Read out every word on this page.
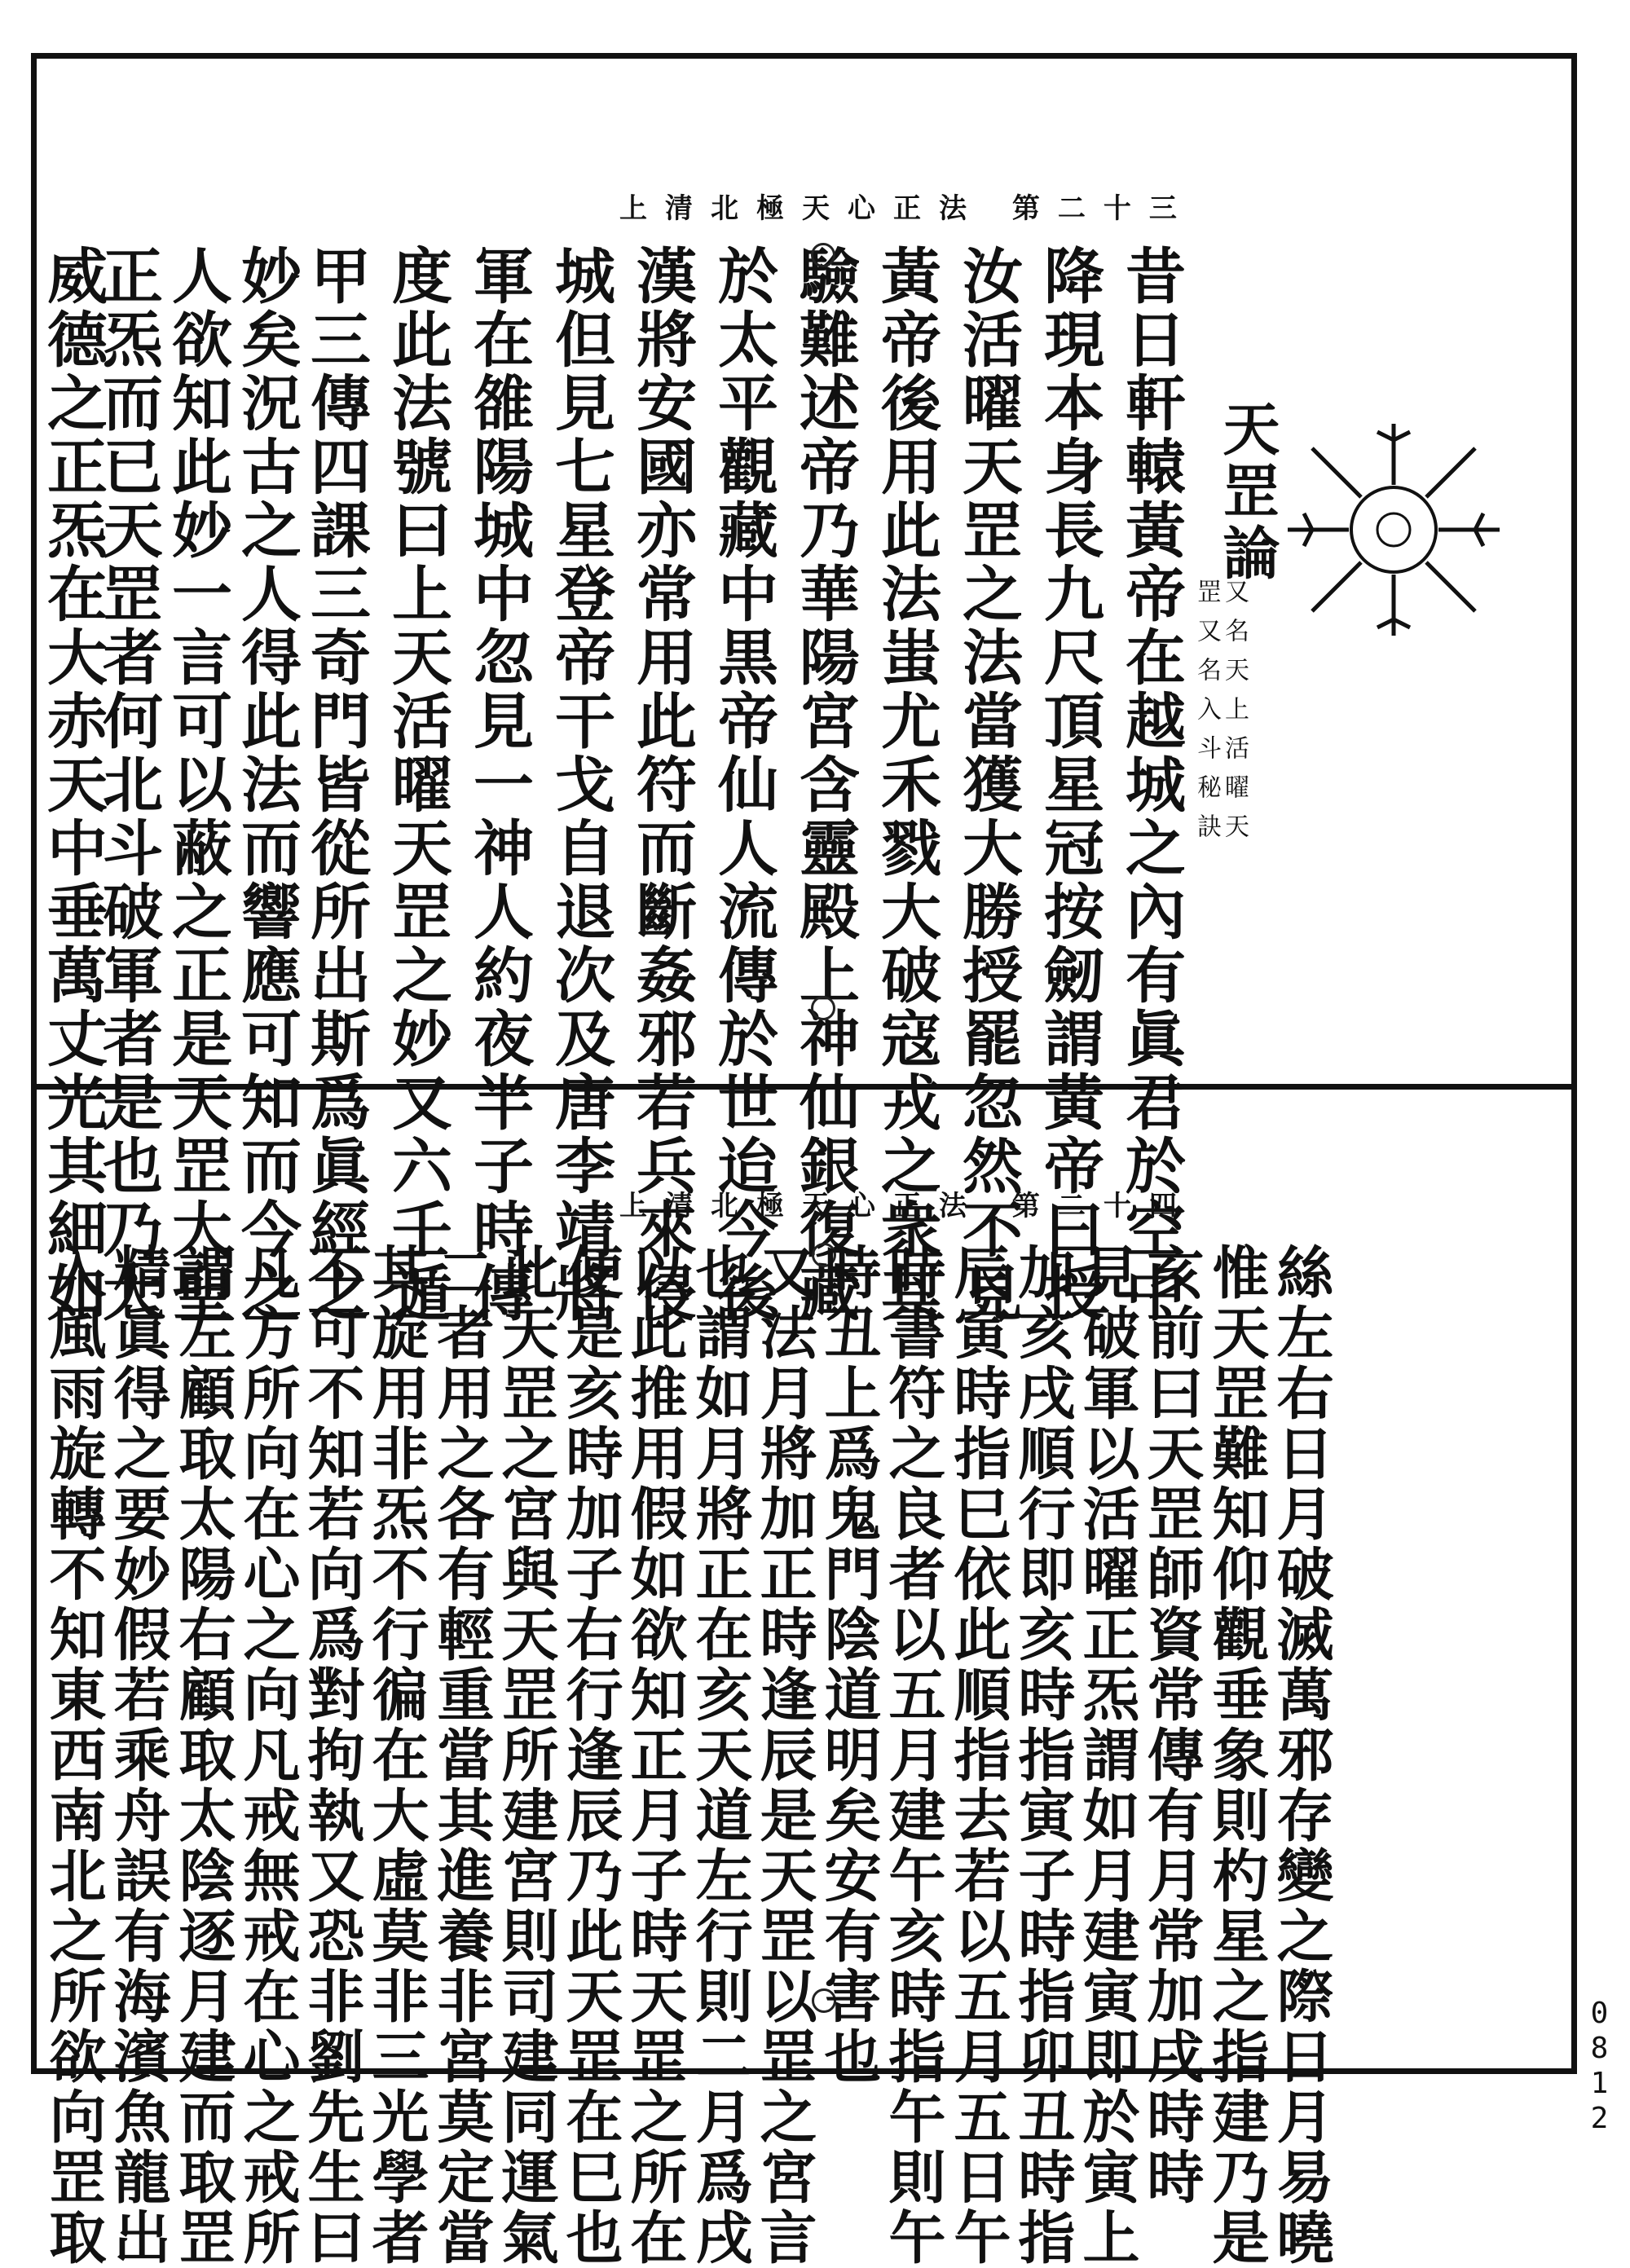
上清北極天心正法 第二十三
天罡論
又名天上活曜天
罡又名入斗秘訣
昔日軒轅黃帝在越城之內有眞君於空中
降現本身長九尺頂星冠按劒謂黃帝曰授
汝活曜天罡之法當獲大勝授罷忽然不見
黃帝後用此法蚩尤禾戮大破寇戎之衆其
驗難述帝乃華陽宮含靈殿上神仙銀復藏
於太平觀藏中黒帝仙人流傳於世迨今後
漢將安國亦常用此符而斷姦邪若兵來侵
城但見七星登帝干戈自退次及唐李靖將
軍在雒陽城中忽見一神人約夜半子時傳
度此法號曰上天活曜天罡之妙又六壬遁
甲三傳四課三奇門皆從所出斯爲眞經之
妙矣況古之人得此法而響應可知而今之
人欲知此妙一言可以蔽之正是天罡大聖
正炁而已天罡者何北斗破軍者是也乃大
威德之正炁在大赤天中垂萬丈光其細如	上清北極天心正法 第二十四
0812
絲左右日月破滅萬邪存變之際日月易曉
惟天罡難知仰觀垂象則杓星之指建乃是
亥前曰天罡師資常傳有月常加戌時時
見破軍以活曜正炁謂如月建寅即於寅上
加亥戌順行即亥時指寅子時指卯丑時指
辰寅時指巳依此順指去若以五月五日午
時書符之良者以五月建午亥時指午則午
時丑上爲鬼門陰道明矣安有害也
又法月將加正時逢辰是天罡以罡之宮言
也謂如月將正在亥天道左行則二月爲戌
以此推用假如欲知正月子時天罡之所在
便是亥時加子右行逢辰乃此天罡在巳也
此天罡之宮與天罡所建宮則司建同運氣
二者用之各有輕重當其進養非宮莫定當
其旋用非炁不行徧在大虛莫非三光學者
不可不知若向爲對拘執又恐非劉先生曰
凡方所向在心之向凡戒無戒在心之戒所
謂左顧取太陽右顧取太陰逐月建而取罡
精眞得之要妙假若乘舟誤有海濱魚龍出
入風雨旋轉不知東西南北之所欲向罡取
